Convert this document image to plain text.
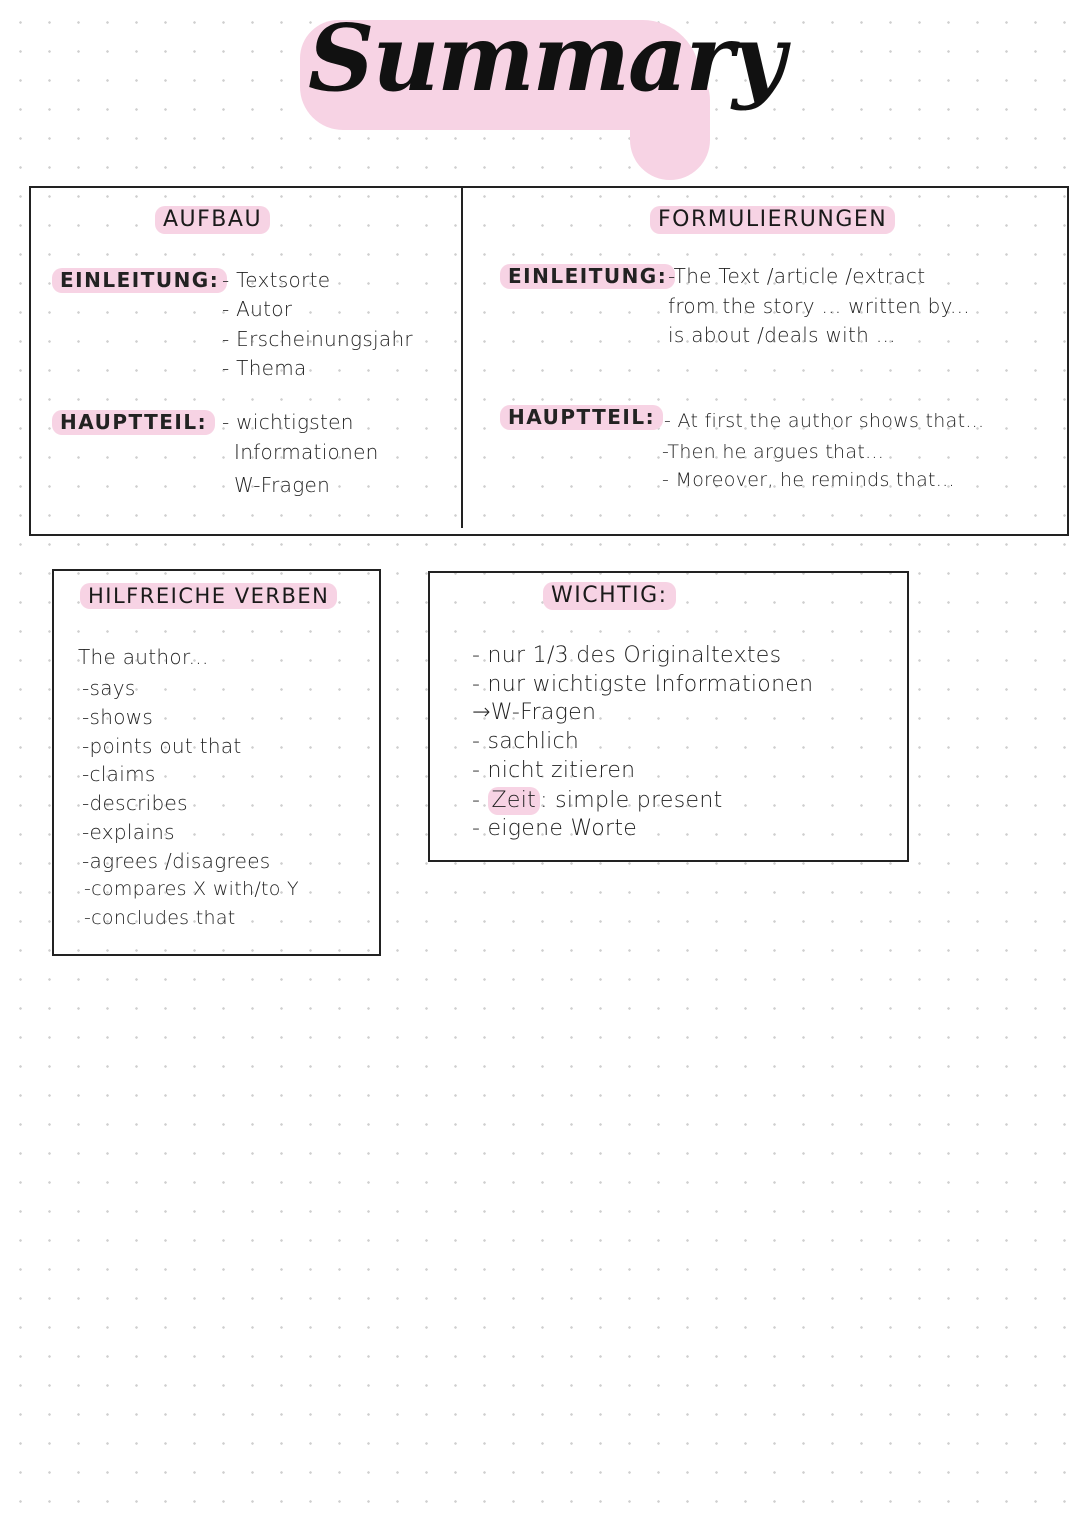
Summary
AUFBAU
EINLEITUNG: - Textsorte
- Autor
- Erscheinungsjahr
- Thema
HAUPTTEIL: - wichtigsten
Informationen
W-Fragen
FORMULIERUNGEN
EINLEITUNG: -The Text /article /extract
from the story ... written by...
is about /deals with ...
HAUPTTEIL: - At first the author shows that...
-Then he argues that...
- Moreover, he reminds that...
HILFREICHE VERBEN
The author...
-says
-shows
-points out that
-claims
-describes
-explains
-agrees /disagrees
-compares X with/to Y
-concludes that
WICHTIG:
- nur 1/3 des Originaltextes
- nur wichtigste Informationen
→W-Fragen
- sachlich
- nicht zitieren
- Zeit : simple present
- eigene Worte
